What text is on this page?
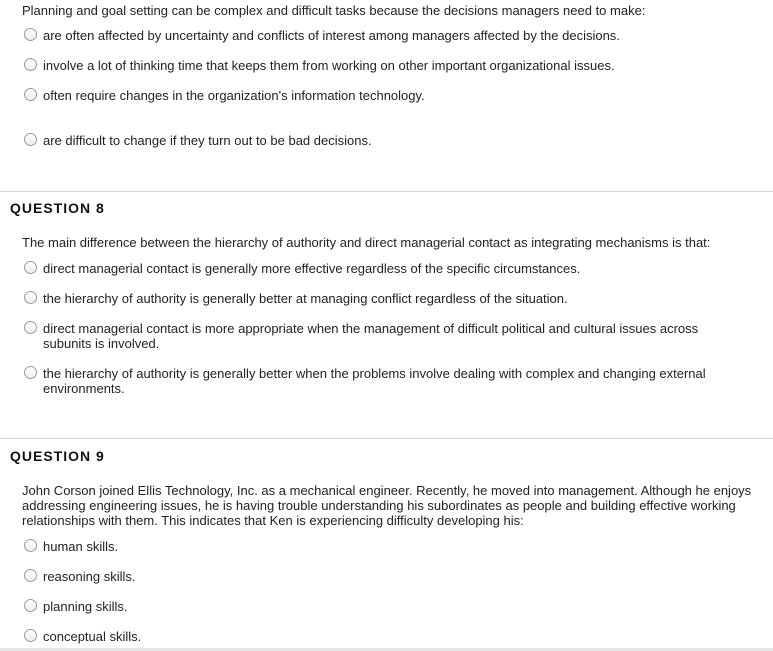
Planning and goal setting can be complex and difficult tasks because the decisions managers need to make:
are often affected by uncertainty and conflicts of interest among managers affected by the decisions.
involve a lot of thinking time that keeps them from working on other important organizational issues.
often require changes in the organization's information technology.
are difficult to change if they turn out to be bad decisions.
QUESTION 8
The main difference between the hierarchy of authority and direct managerial contact as integrating mechanisms is that:
direct managerial contact is generally more effective regardless of the specific circumstances.
the hierarchy of authority is generally better at managing conflict regardless of the situation.
direct managerial contact is more appropriate when the management of difficult political and cultural issues across subunits is involved.
the hierarchy of authority is generally better when the problems involve dealing with complex and changing external environments.
QUESTION 9
John Corson joined Ellis Technology, Inc. as a mechanical engineer. Recently, he moved into management. Although he enjoys addressing engineering issues, he is having trouble understanding his subordinates as people and building effective working relationships with them. This indicates that Ken is experiencing difficulty developing his:
human skills.
reasoning skills.
planning skills.
conceptual skills.
